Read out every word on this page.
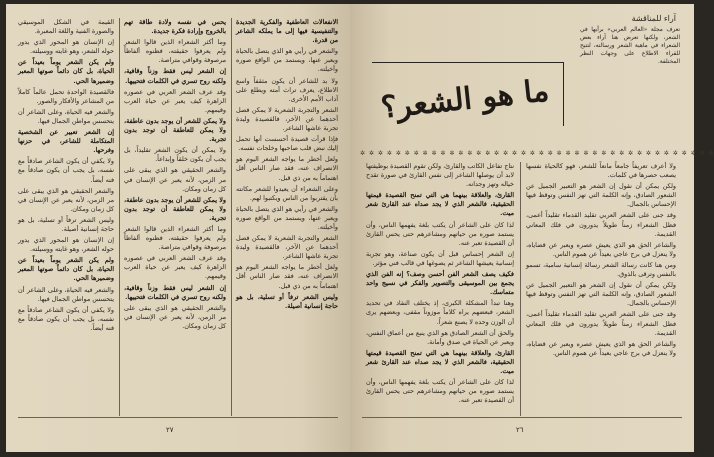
القيمة في الشكل الموسيقي والصورة الفنية واللغة المعبرة.

إن الإنسان هو المحور الذي يدور حوله الشعر، وهو غايته ووسيلته.

ولم يكن الشعر يوماً بعيداً عن الحياة، بل كان دائماً صوتها المعبر وضميرها الحي.

فالقصيدة الواحدة تحمل عالماً كاملاً من المشاعر والأفكار والصور.

والشعر فيه الحياة، وعلى الشاعر أن يتحسس مواطن الجمال فيها.

إن الشعر تعبير عن الشخصية المتكاملة للشاعر، في حزنها وفرحها.

ولا يكفي أن يكون الشاعر صادقاً مع نفسه، بل يجب أن يكون صادقاً مع فنه أيضاً.

والشعر الحقيقي هو الذي يبقى على مر الزمن، لأنه يعبر عن الإنسان في كل زمان ومكان.

وليس الشعر ترفاً أو تسلية، بل هو حاجة إنسانية أصيلة.

إن الإنسان هو المحور الذي يدور حوله الشعر، وهو غايته ووسيلته.

ولم يكن الشعر يوماً بعيداً عن الحياة، بل كان دائماً صوتها المعبر وضميرها الحي.

والشعر فيه الحياة، وعلى الشاعر أن يتحسس مواطن الجمال فيها.

ولا يكفي أن يكون الشاعر صادقاً مع نفسه، بل يجب أن يكون صادقاً مع فنه أيضاً.

يحس في نفسه ولادة طاقة تهم بالخروج وإرادة فكرة جديدة.

وما أكثر الشعراء الذين قالوا الشعر ولم يعرفوا حقيقته، فظنوه ألفاظاً مرصوفة وقوافي متراصة.

إن الشعر ليس فقط وزناً وقافية، ولكنه روح تسري في الكلمات فتحييها.

وقد عرف الشعر العربي في عصوره الزاهرة كيف يعبر عن حياة العرب وقيمهم.

ولا يمكن للشعر أن يوجد بدون عاطفة، ولا يمكن للعاطفة أن توجد بدون تجربة.

ولا يمكن أن يكون الشعر تقليداً، بل يجب أن يكون خلقاً وإبداعاً.

والشعر الحقيقي هو الذي يبقى على مر الزمن، لأنه يعبر عن الإنسان في كل زمان ومكان.

ولا يمكن للشعر أن يوجد بدون عاطفة، ولا يمكن للعاطفة أن توجد بدون تجربة.

وما أكثر الشعراء الذين قالوا الشعر ولم يعرفوا حقيقته، فظنوه ألفاظاً مرصوفة وقوافي متراصة.

وقد عرف الشعر العربي في عصوره الزاهرة كيف يعبر عن حياة العرب وقيمهم.

إن الشعر ليس فقط وزناً وقافية، ولكنه روح تسري في الكلمات فتحييها.

والشعر الحقيقي هو الذي يبقى على مر الزمن، لأنه يعبر عن الإنسان في كل زمان ومكان.

الانفعالات العاطفية والفكرية الجديدة والتنفيسية فيها إلى ما يملكه الشاعر من قدرة.

والشعر في رأيي هو الذي يتصل بالحياة ويعبر عنها، ويستمد من الواقع صوره وأخيلته.

ولا بد للشاعر أن يكون مثقفاً واسع الاطلاع، يعرف تراث أمته ويطلع على آداب الأمم الأخرى.

الشعر والتجربة الشعرية لا يمكن فصل أحدهما عن الآخر، فالقصيدة وليدة تجربة عاشها الشاعر.

فإذا قرأت قصيدة أحسست أنها تحمل إليك نبض قلب صاحبها وخلجات نفسه.

ولعل أخطر ما يواجه الشعر اليوم هو الانصراف عنه، فقد صار الناس أقل اهتماماً به من ذي قبل.

وعلى الشعراء أن يعيدوا للشعر مكانته بأن يقتربوا من الناس ويكتبوا لهم.

والشعر في رأيي هو الذي يتصل بالحياة ويعبر عنها، ويستمد من الواقع صوره وأخيلته.

الشعر والتجربة الشعرية لا يمكن فصل أحدهما عن الآخر، فالقصيدة وليدة تجربة عاشها الشاعر.

ولعل أخطر ما يواجه الشعر اليوم هو الانصراف عنه، فقد صار الناس أقل اهتماماً به من ذي قبل.

وليس الشعر ترفاً أو تسلية، بل هو حاجة إنسانية أصيلة.

٢٧
آراء للمناقشة
ما هو الشعر؟

تعرف مجلة «العالم العربي» برأيها في الشعر، ولكنها تعرض هنا آراء بعض الشعراء في ماهية الشعر ورسالته، لتتيح للقراء الاطلاع على وجهات النظر المختلفة.

✲ ✲ ✲ ✲ ✲ ✲ ✲ ✲ ✲ ✲ ✲ ✲ ✲ ✲ ✲ ✲ ✲ ✲ ✲ ✲ ✲ ✲ ✲ ✲ ✲ ✲ ✲ ✲ ✲ ✲ ✲ ✲ ✲ ✲ ✲ ✲ ✲ ✲ ✲ ✲

نتاج تفاعل الكاتب والقارئ، ولكن تقوم القصيدة بوظيفتها لابد أن يوصلها الشاعر إلى نفس القارئ في صورة تقدح خياله وتهز وجدانه.

القارئ، والعلاقة بينهما هي التي تمنح القصيدة قيمتها الحقيقية، فالشعر الذي لا يجد صداه عند القارئ شعر ميت.

لذا كان على الشاعر أن يكتب بلغة يفهمها الناس، وأن يستمد صوره من حياتهم ومشاعرهم حتى يحس القارئ أن القصيدة تعبر عنه.

إن الشعر إحساس قبل أن يكون صناعة، وهو تجربة إنسانية يعيشها الشاعر ثم يصوغها في قالب فني مؤثر.

فكيف يصف الشعر الفن أحسن وصف؟ إنه الفن الذي يجمع بين الموسيقى والتصوير والفكر في نسيج واحد متماسك.

وهنا تبدأ المشكلة الكبرى، إذ يختلف النقاد في تحديد الشعر، فبعضهم يراه كلاماً موزوناً مقفى، وبعضهم يرى أن الوزن وحده لا يصنع شعراً.

والحق أن الشعر الصادق هو الذي ينبع من أعماق النفس، ويعبر عن الحياة في صدق وأمانة.

القارئ، والعلاقة بينهما هي التي تمنح القصيدة قيمتها الحقيقية، فالشعر الذي لا يجد صداه عند القارئ شعر ميت.

لذا كان على الشاعر أن يكتب بلغة يفهمها الناس، وأن يستمد صوره من حياتهم ومشاعرهم حتى يحس القارئ أن القصيدة تعبر عنه.

ولا أعرف تعريفاً جامعاً مانعاً للشعر، فهو كالحياة نفسها يصعب حصرها في كلمات.

ولكن يمكن أن نقول إن الشعر هو التعبير الجميل عن الشعور الصادق، وإنه الكلمة التي تهز النفس وتوقظ فيها الإحساس بالجمال.

وقد جنى على الشعر العربي تقليد القدماء تقليداً أعمى، فظل الشعراء زمناً طويلاً يدورون في فلك المعاني القديمة.

والشاعر الحق هو الذي يعيش عصره ويعبر عن قضاياه، ولا ينعزل في برج عاجي بعيداً عن هموم الناس.

ومن هنا كانت رسالة الشعر رسالة إنسانية سامية، تسمو بالنفس وترقى بالذوق.

ولكن يمكن أن نقول إن الشعر هو التعبير الجميل عن الشعور الصادق، وإنه الكلمة التي تهز النفس وتوقظ فيها الإحساس بالجمال.

وقد جنى على الشعر العربي تقليد القدماء تقليداً أعمى، فظل الشعراء زمناً طويلاً يدورون في فلك المعاني القديمة.

والشاعر الحق هو الذي يعيش عصره ويعبر عن قضاياه، ولا ينعزل في برج عاجي بعيداً عن هموم الناس.

٢٦
